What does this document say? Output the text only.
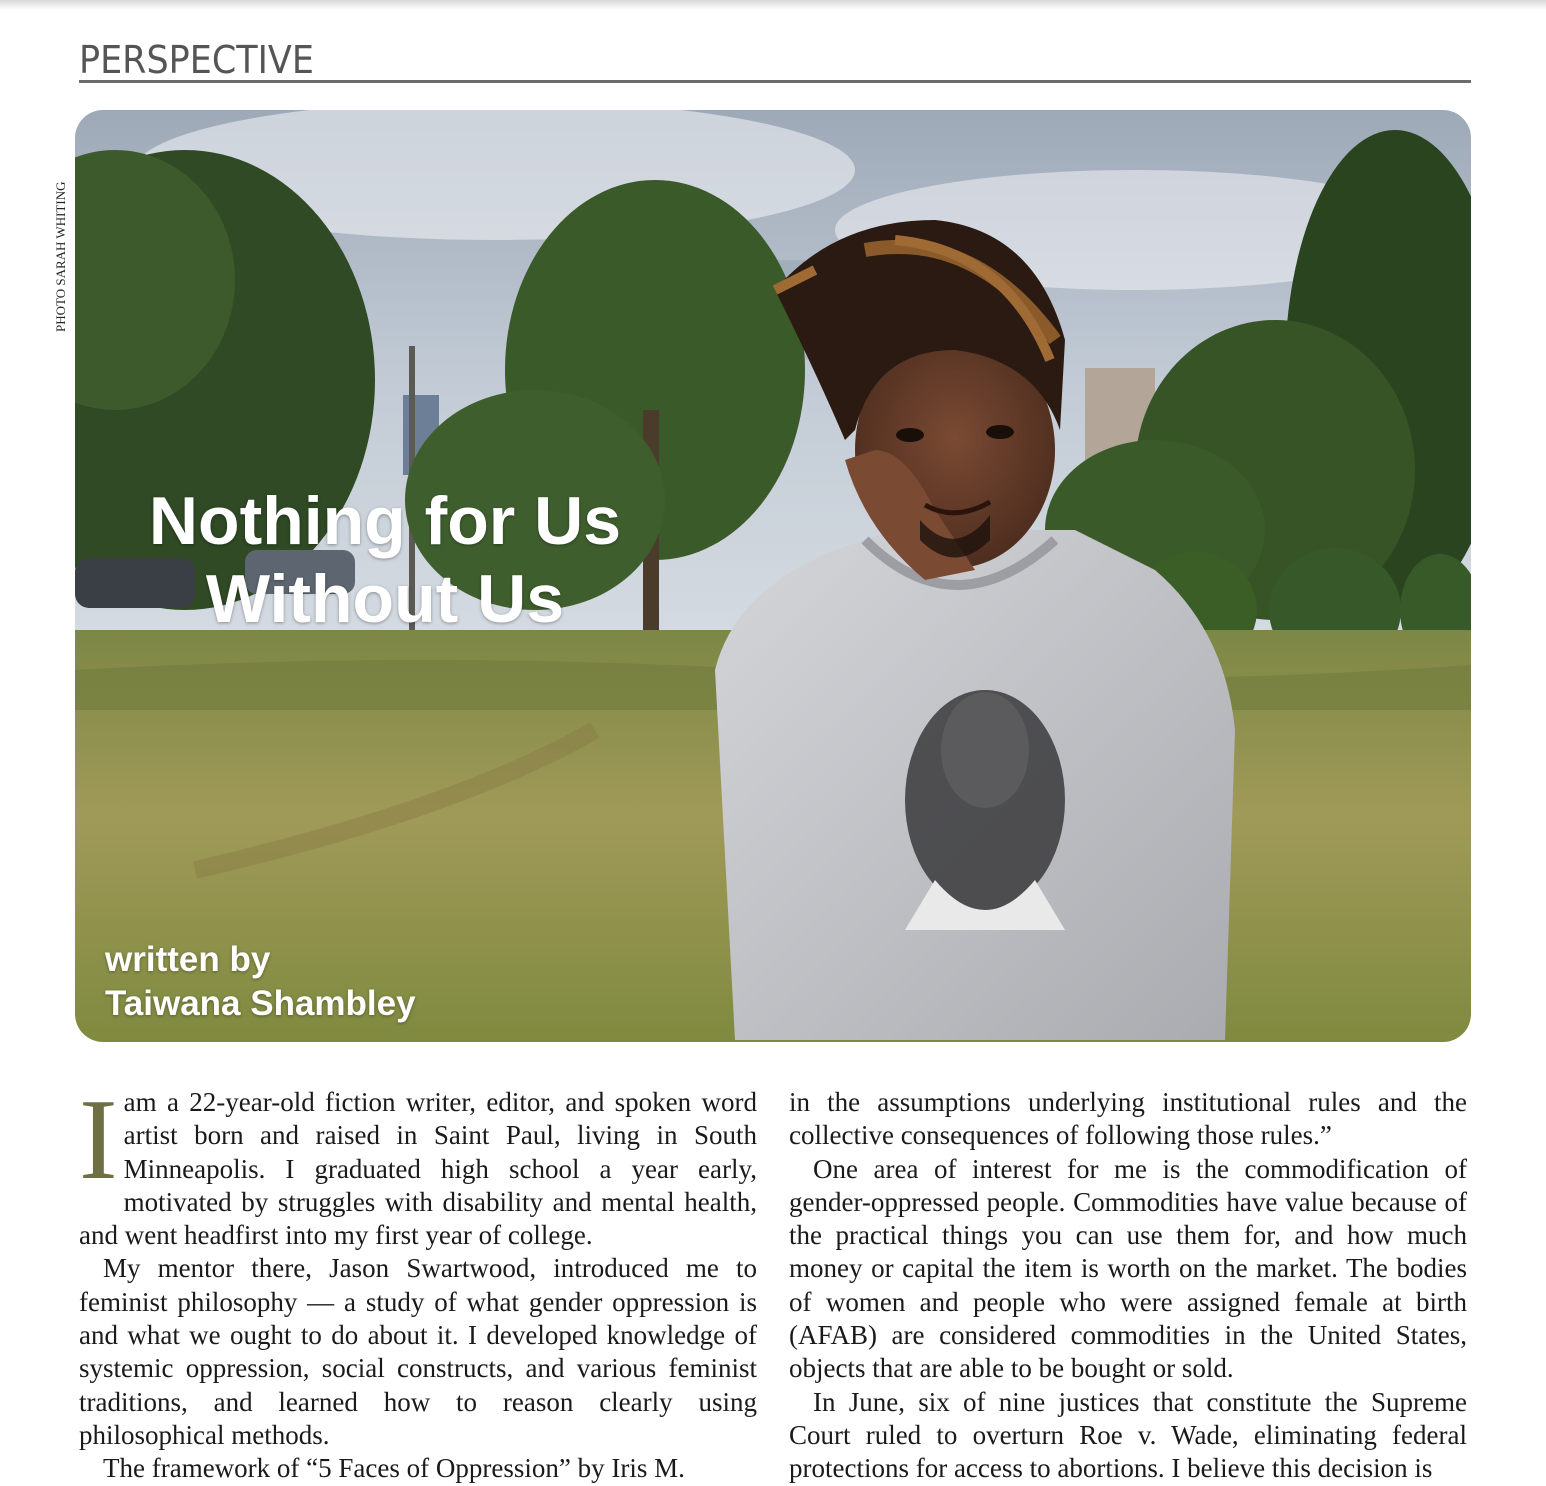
PERSPECTIVE
PHOTO SARAH WHITING
Nothing for Us
Without Us

written by
Taiwana Shambley

Iam a 22-year-old fiction writer, editor, and spoken word artist born and raised in Saint Paul, living in South Minneapolis. I graduated high school a year early, motivated by struggles with disability and mental health, and went headfirst into my first year of college.

My mentor there, Jason Swartwood, introduced me to feminist philosophy — a study of what gender oppression is and what we ought to do about it. I developed knowledge of systemic oppression, social constructs, and various feminist traditions, and learned how to reason clearly using philosophical methods.

The framework of “5 Faces of Oppression” by Iris M.

in the assumptions underlying institutional rules and the collective consequences of following those rules.”

One area of interest for me is the commodification of gender-oppressed people. Commodities have value because of the practical things you can use them for, and how much money or capital the item is worth on the market. The bodies of women and people who were assigned female at birth (AFAB) are considered commodities in the United States, objects that are able to be bought or sold.

In June, six of nine justices that constitute the Supreme Court ruled to overturn Roe v. Wade, eliminating federal protections for access to abortions. I believe this decision is
